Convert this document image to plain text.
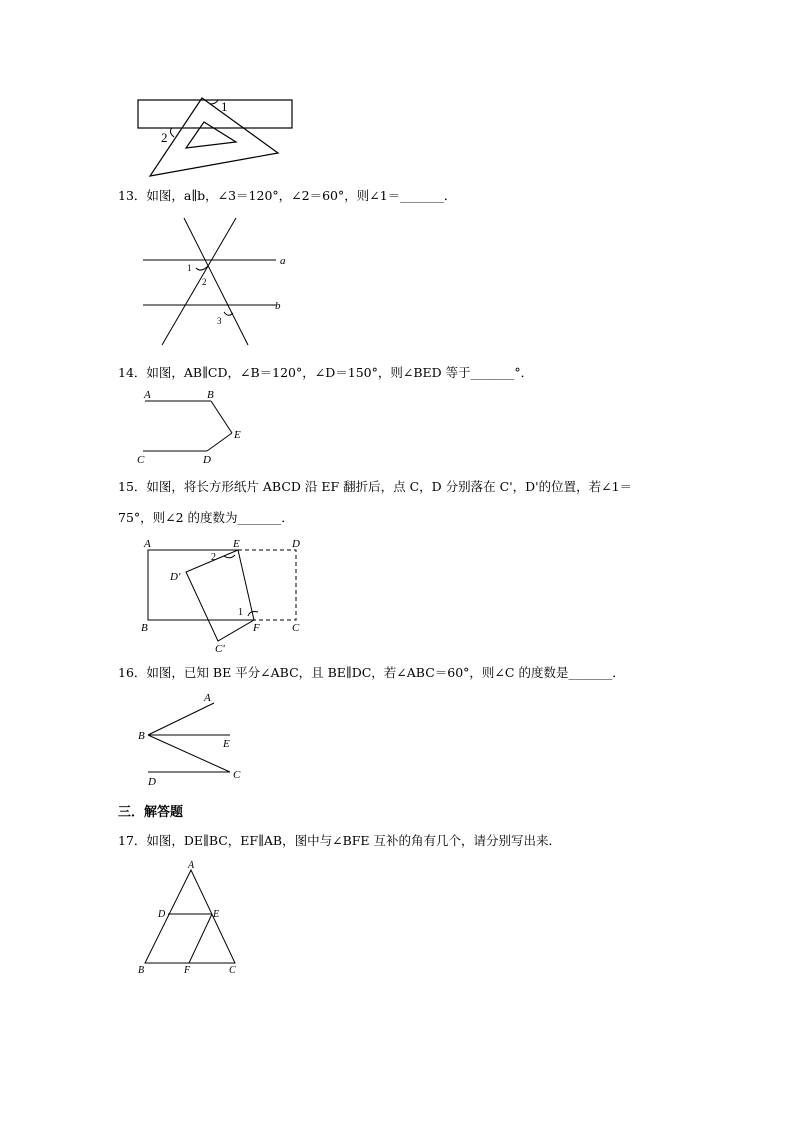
1
2
13．如图，a∥b，∠3＝120°，∠2＝60°，则∠1＝_______．
a
b
1
2
3
14．如图，AB∥CD，∠B＝120°，∠D＝150°，则∠BED 等于_______°．
A	B
E
C	D
15．如图，将长方形纸片 ABCD 沿 EF 翻折后，点 C，D 分别落在 C'，D'的位置，若∠1＝
75°，则∠2 的度数为_______．
A	E	D
D'
2
1
B	F	C
C'
16．如图，已知 BE 平分∠ABC，且 BE∥DC，若∠ABC＝60°，则∠C 的度数是_______．
A
B
E
D
C
三．解答题
17．如图，DE∥BC，EF∥AB，图中与∠BFE 互补的角有几个，请分别写出来．
A
D	E
B	F	C
